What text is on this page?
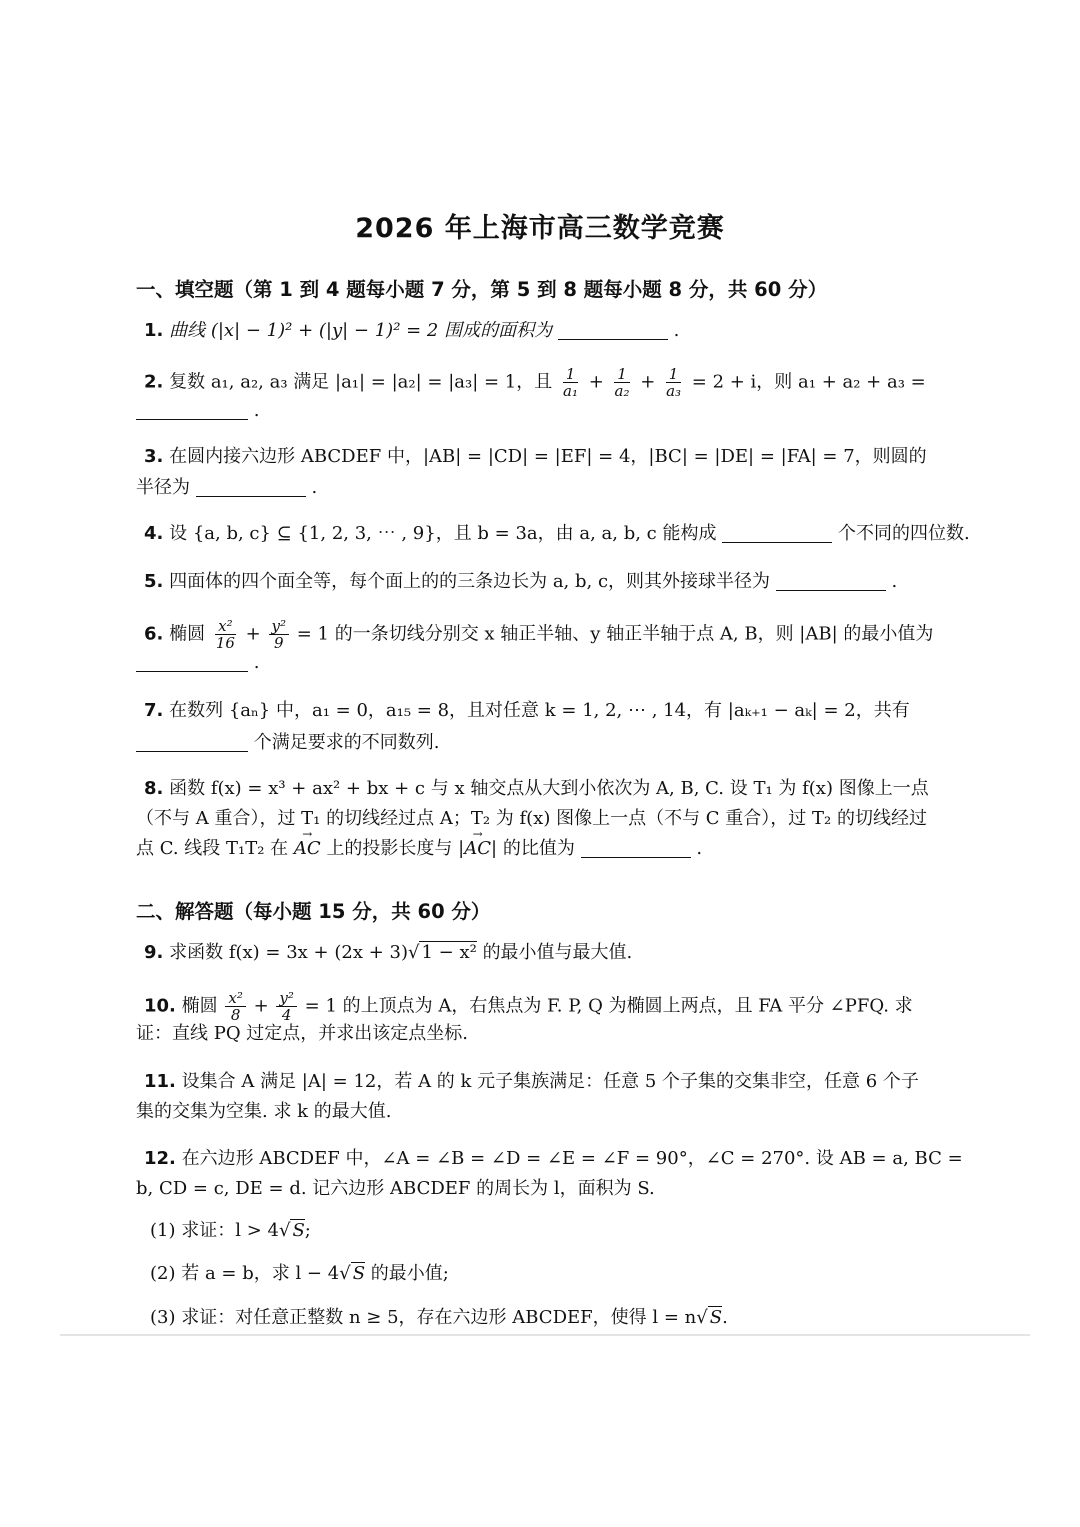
2026 年上海市高三数学竞赛
一、填空题（第 1 到 4 题每小题 7 分，第 5 到 8 题每小题 8 分，共 60 分）
1. 曲线 (|x| − 1)² + (|y| − 1)² = 2 围成的面积为	.
2. 复数 a₁, a₂, a₃ 满足 |a₁| = |a₂| = |a₃| = 1，且 $\frac{1}{\text{a₁}} + \frac{1}{\text{a₂}} + \frac{1}{\text{a₃}} = 2 + i$，则 a₁ + a₂ + a₃ =
.
3. 在圆内接六边形 ABCDEF 中，|AB| = |CD| = |EF| = 4，|BC| = |DE| = |FA| = 7，则圆的
半径为	.
4. 设 {a, b, c} ⊆ {1, 2, 3, ⋯ , 9}，且 b = 3a，由 a, a, b, c 能构成	个不同的四位数.
5. 四面体的四个面全等，每个面上的的三条边长为 a, b, c，则其外接球半径为	.
6. 椭圆 $\frac{\text{x²}}{16} + \frac{\text{y²}}{9} = 1$ 的一条切线分别交 x 轴正半轴、y 轴正半轴于点 A, B，则 |AB| 的最小值为
.
7. 在数列 {aₙ} 中，a₁ = 0，a₁₅ = 8，且对任意 k = 1, 2, ⋯ , 14，有 |aₖ₊₁ − aₖ| = 2，共有
个满足要求的不同数列.
8. 函数 f(x) = x³ + ax² + bx + c 与 x 轴交点从大到小依次为 A, B, C. 设 T₁ 为 f(x) 图像上一点
（不与 A 重合），过 T₁ 的切线经过点 A；T₂ 为 f(x) 图像上一点（不与 C 重合），过 T₂ 的切线经过
点 C. 线段 T₁T₂ 在 → AC 上的投影长度与 |→ AC| 的比值为	.
二、解答题（每小题 15 分，共 60 分）
9. 求函数 f(x) = 3x + (2x + 3)√ 1 − x² 的最小值与最大值.
10. 椭圆 $\frac{\text{x²}}{8} + \frac{\text{y²}}{4} = 1$ 的上顶点为 A，右焦点为 F. P, Q 为椭圆上两点，且 FA 平分 ∠PFQ. 求
证：直线 PQ 过定点，并求出该定点坐标.
11. 设集合 A 满足 |A| = 12，若 A 的 k 元子集族满足：任意 5 个子集的交集非空，任意 6 个子
集的交集为空集. 求 k 的最大值.
12. 在六边形 ABCDEF 中，∠A = ∠B = ∠D = ∠E = ∠F = 90°，∠C = 270°. 设 AB = a, BC =
b, CD = c, DE = d. 记六边形 ABCDEF 的周长为 l，面积为 S.
(1) 求证：l > 4√ S;
(2) 若 a = b，求 l − 4√ S 的最小值;
(3) 求证：对任意正整数 n ≥ 5，存在六边形 ABCDEF，使得 l = n√ S.
